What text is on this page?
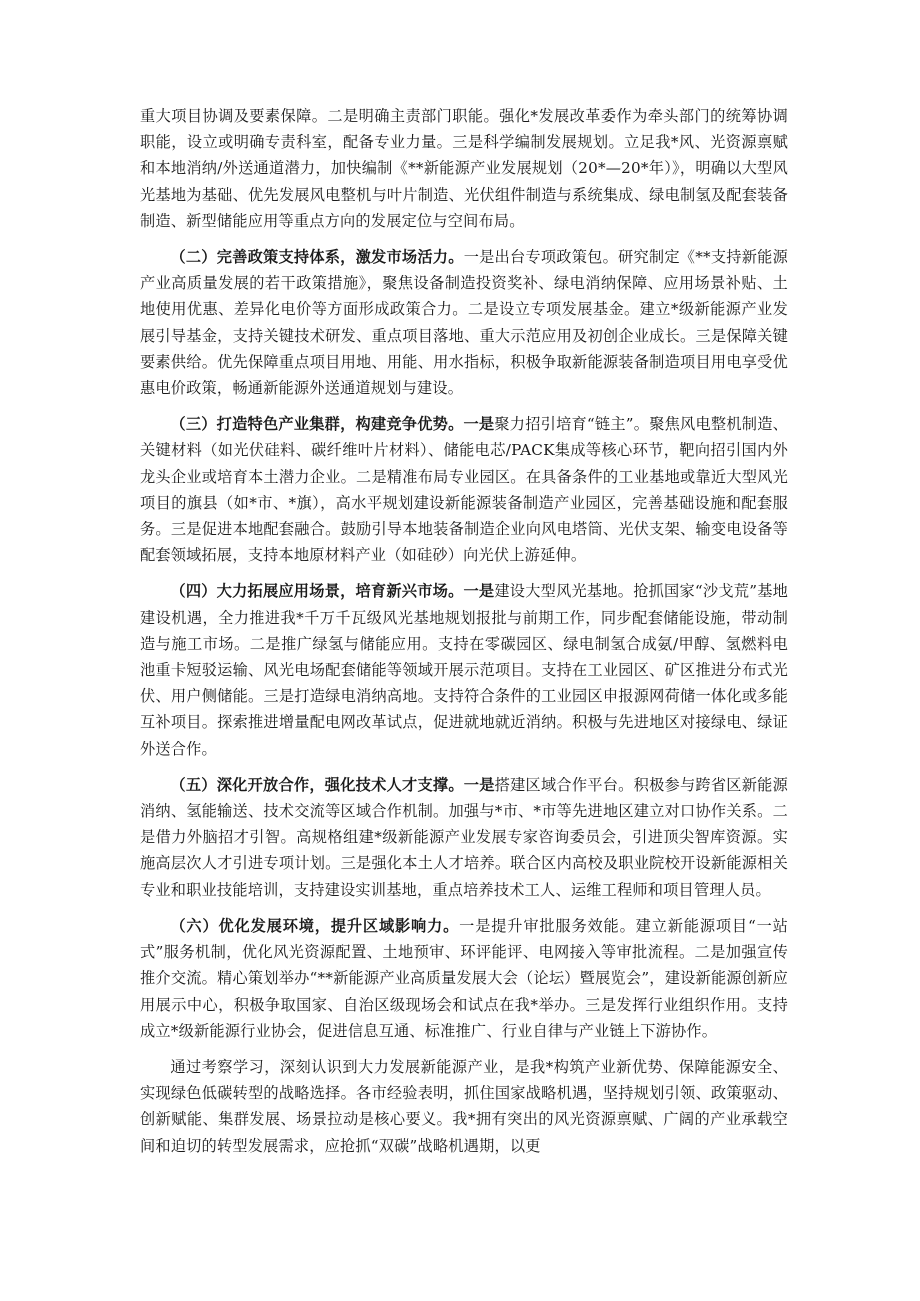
重大项目协调及要素保障。二是明确主责部门职能。强化*发展改革委作为牵头部门的统筹协调职能，设立或明确专责科室，配备专业力量。三是科学编制发展规划。立足我*风、光资源禀赋和本地消纳/外送通道潜力，加快编制《**新能源产业发展规划（20*—20*年）》，明确以大型风光基地为基础、优先发展风电整机与叶片制造、光伏组件制造与系统集成、绿电制氢及配套装备制造、新型储能应用等重点方向的发展定位与空间布局。

（二）完善政策支持体系，激发市场活力。一是出台专项政策包。研究制定《**支持新能源产业高质量发展的若干政策措施》，聚焦设备制造投资奖补、绿电消纳保障、应用场景补贴、土地使用优惠、差异化电价等方面形成政策合力。二是设立专项发展基金。建立*级新能源产业发展引导基金，支持关键技术研发、重点项目落地、重大示范应用及初创企业成长。三是保障关键要素供给。优先保障重点项目用地、用能、用水指标，积极争取新能源装备制造项目用电享受优惠电价政策，畅通新能源外送通道规划与建设。

（三）打造特色产业集群，构建竞争优势。一是聚力招引培育“链主”。聚焦风电整机制造、关键材料（如光伏硅料、碳纤维叶片材料）、储能电芯/PACK集成等核心环节，靶向招引国内外龙头企业或培育本土潜力企业。二是精准布局专业园区。在具备条件的工业基地或靠近大型风光项目的旗县（如*市、*旗），高水平规划建设新能源装备制造产业园区，完善基础设施和配套服务。三是促进本地配套融合。鼓励引导本地装备制造企业向风电塔筒、光伏支架、输变电设备等配套领域拓展，支持本地原材料产业（如硅砂）向光伏上游延伸。

（四）大力拓展应用场景，培育新兴市场。一是建设大型风光基地。抢抓国家“沙戈荒”基地建设机遇，全力推进我*千万千瓦级风光基地规划报批与前期工作，同步配套储能设施，带动制造与施工市场。二是推广绿氢与储能应用。支持在零碳园区、绿电制氢合成氨/甲醇、氢燃料电池重卡短驳运输、风光电场配套储能等领域开展示范项目。支持在工业园区、矿区推进分布式光伏、用户侧储能。三是打造绿电消纳高地。支持符合条件的工业园区申报源网荷储一体化或多能互补项目。探索推进增量配电网改革试点，促进就地就近消纳。积极与先进地区对接绿电、绿证外送合作。

（五）深化开放合作，强化技术人才支撑。一是搭建区域合作平台。积极参与跨省区新能源消纳、氢能输送、技术交流等区域合作机制。加强与*市、*市等先进地区建立对口协作关系。二是借力外脑招才引智。高规格组建*级新能源产业发展专家咨询委员会，引进顶尖智库资源。实施高层次人才引进专项计划。三是强化本土人才培养。联合区内高校及职业院校开设新能源相关专业和职业技能培训，支持建设实训基地，重点培养技术工人、运维工程师和项目管理人员。

（六）优化发展环境，提升区域影响力。一是提升审批服务效能。建立新能源项目“一站式”服务机制，优化风光资源配置、土地预审、环评能评、电网接入等审批流程。二是加强宣传推介交流。精心策划举办“**新能源产业高质量发展大会（论坛）暨展览会”，建设新能源创新应用展示中心，积极争取国家、自治区级现场会和试点在我*举办。三是发挥行业组织作用。支持成立*级新能源行业协会，促进信息互通、标准推广、行业自律与产业链上下游协作。

通过考察学习，深刻认识到大力发展新能源产业，是我*构筑产业新优势、保障能源安全、实现绿色低碳转型的战略选择。各市经验表明，抓住国家战略机遇，坚持规划引领、政策驱动、创新赋能、集群发展、场景拉动是核心要义。我*拥有突出的风光资源禀赋、广阔的产业承载空间和迫切的转型发展需求，应抢抓“双碳”战略机遇期，以更
